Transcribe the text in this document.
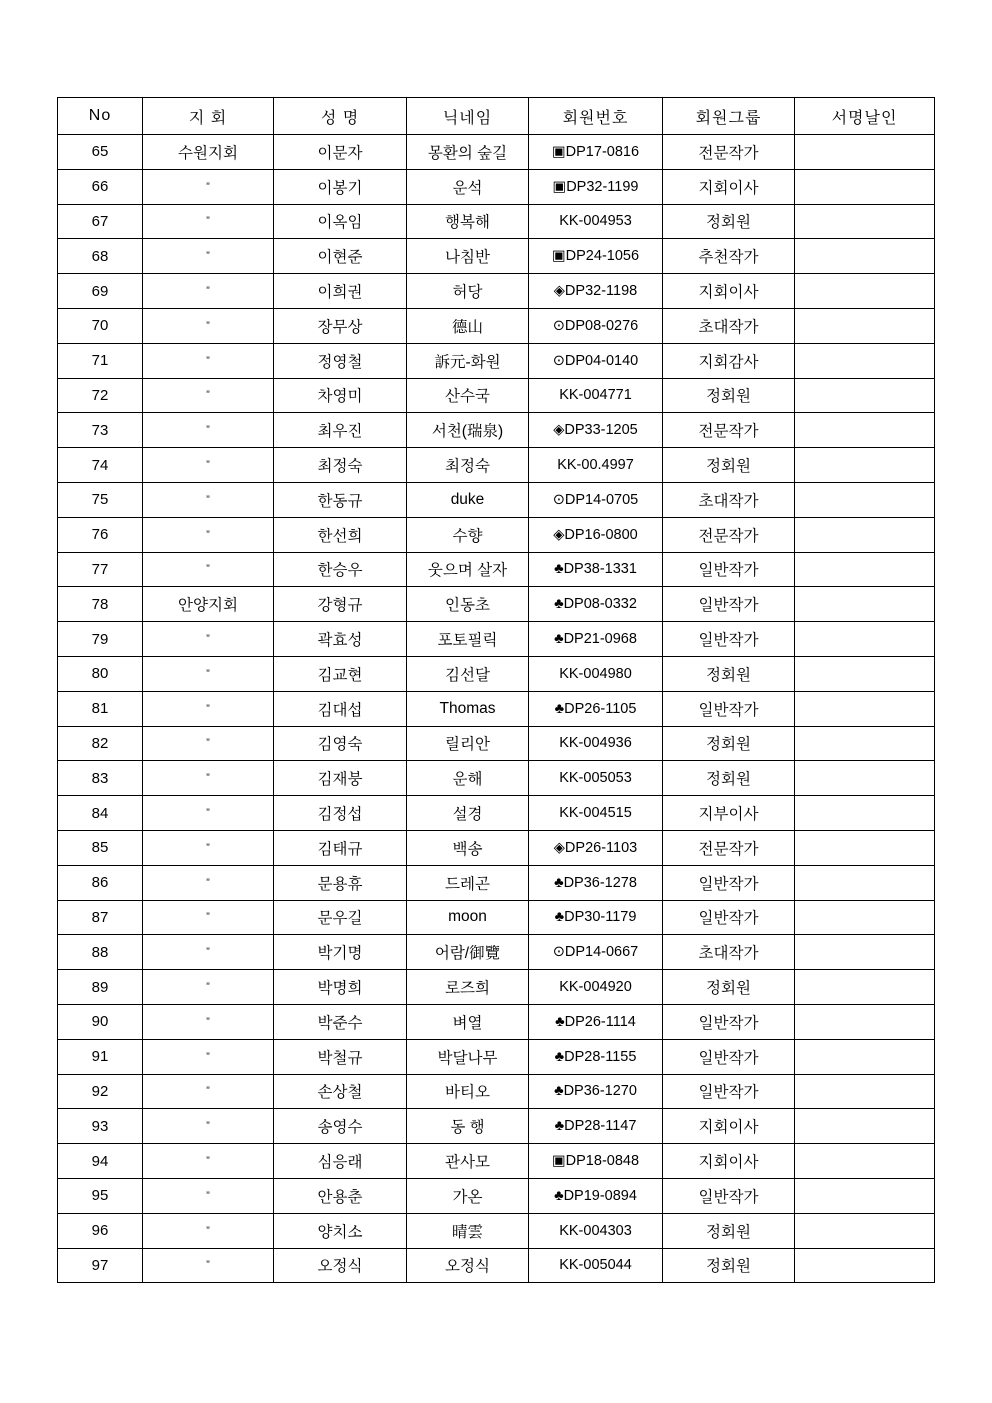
No	지 회	성 명	닉네임	회원번호	회원그룹	서명날인
65	수원지회	이문자	몽환의 숲길	▣DP17-0816	전문작가	
66	”	이봉기	운석	▣DP32-1199	지회이사	
67	”	이옥임	행복해	KK-004953	정회원	
68	”	이현준	나침반	▣DP24-1056	추천작가	
69	”	이희권	허당	◈DP32-1198	지회이사	
70	”	장무상	德山	⊙DP08-0276	초대작가	
71	”	정영철	訴元-화원	⊙DP04-0140	지회감사	
72	”	차영미	산수국	KK-004771	정회원	
73	”	최우진	서천(瑞泉)	◈DP33-1205	전문작가	
74	”	최정숙	최정숙	KK-00.4997	정회원	
75	”	한동규	duke	⊙DP14-0705	초대작가	
76	”	한선희	수향	◈DP16-0800	전문작가	
77	”	한승우	웃으며 살자	♣DP38-1331	일반작가	
78	안양지회	강형규	인동초	♣DP08-0332	일반작가	
79	”	곽효성	포토필릭	♣DP21-0968	일반작가	
80	”	김교현	김선달	KK-004980	정회원	
81	”	김대섭	Thomas	♣DP26-1105	일반작가	
82	”	김영숙	릴리안	KK-004936	정회원	
83	”	김재붕	운해	KK-005053	정회원	
84	”	김정섭	설경	KK-004515	지부이사	
85	”	김태규	백송	◈DP26-1103	전문작가	
86	”	문용휴	드레곤	♣DP36-1278	일반작가	
87	”	문우길	moon	♣DP30-1179	일반작가	
88	”	박기명	어람/御覽	⊙DP14-0667	초대작가	
89	”	박명희	로즈희	KK-004920	정회원	
90	”	박준수	벼열	♣DP26-1114	일반작가	
91	”	박철규	박달나무	♣DP28-1155	일반작가	
92	”	손상철	바티오	♣DP36-1270	일반작가	
93	”	송영수	동 행	♣DP28-1147	지회이사	
94	”	심응래	관사모	▣DP18-0848	지회이사	
95	”	안용춘	가온	♣DP19-0894	일반작가	
96	”	양치소	晴雲	KK-004303	정회원	
97	”	오정식	오정식	KK-005044	정회원	
